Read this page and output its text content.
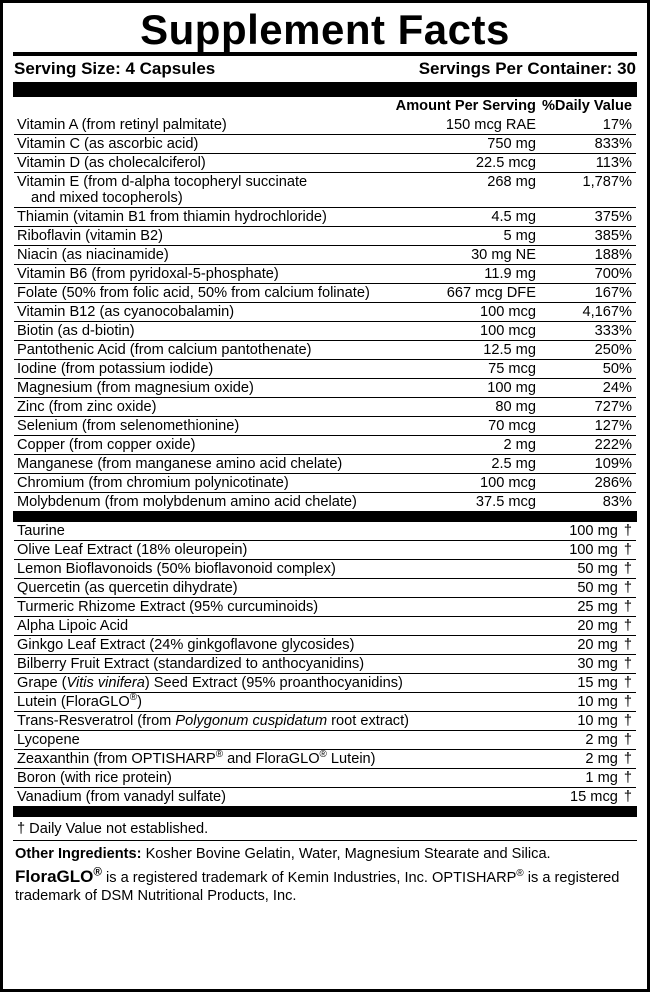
Supplement Facts
Serving Size: 4 Capsules	Servings Per Container: 30
	Amount Per Serving	%Daily Value
Vitamin A (from retinyl palmitate)	150 mcg RAE	17%
Vitamin C (as ascorbic acid)	750 mg	833%
Vitamin D (as cholecalciferol)	22.5 mcg	113%
Vitamin E (from d-alpha tocopheryl succinate
and mixed tocopherols)	268 mg	1,787%
Thiamin (vitamin B1 from thiamin hydrochloride)	4.5 mg	375%
Riboflavin (vitamin B2)	5 mg	385%
Niacin (as niacinamide)	30 mg NE	188%
Vitamin B6 (from pyridoxal-5-phosphate)	11.9 mg	700%
Folate (50% from folic acid, 50% from calcium folinate)	667 mcg DFE	167%
Vitamin B12 (as cyanocobalamin)	100 mcg	4,167%
Biotin (as d-biotin)	100 mcg	333%
Pantothenic Acid (from calcium pantothenate)	12.5 mg	250%
Iodine (from potassium iodide)	75 mcg	50%
Magnesium (from magnesium oxide)	100 mg	24%
Zinc (from zinc oxide)	80 mg	727%
Selenium (from selenomethionine)	70 mcg	127%
Copper (from copper oxide)	2 mg	222%
Manganese (from manganese amino acid chelate)	2.5 mg	109%
Chromium (from chromium polynicotinate)	100 mcg	286%
Molybdenum (from molybdenum amino acid chelate)	37.5 mcg	83%
Taurine	100 mg	†
Olive Leaf Extract (18% oleuropein)	100 mg	†
Lemon Bioflavonoids (50% bioflavonoid complex)	50 mg	†
Quercetin (as quercetin dihydrate)	50 mg	†
Turmeric Rhizome Extract (95% curcuminoids)	25 mg	†
Alpha Lipoic Acid	20 mg	†
Ginkgo Leaf Extract (24% ginkgoflavone glycosides)	20 mg	†
Bilberry Fruit Extract (standardized to anthocyanidins)	30 mg	†
Grape (Vitis vinifera) Seed Extract (95% proanthocyanidins)	15 mg	†
Lutein (FloraGLO®)	10 mg	†
Trans-Resveratrol (from Polygonum cuspidatum root extract)	10 mg	†
Lycopene	2 mg	†
Zeaxanthin (from OPTISHARP® and FloraGLO® Lutein)	2 mg	†
Boron (with rice protein)	1 mg	†
Vanadium (from vanadyl sulfate)	15 mcg	†
† Daily Value not established.

Other Ingredients: Kosher Bovine Gelatin, Water, Magnesium Stearate and Silica.

FloraGLO® is a registered trademark of Kemin Industries, Inc. OPTISHARP® is a registered trademark of DSM Nutritional Products, Inc.
